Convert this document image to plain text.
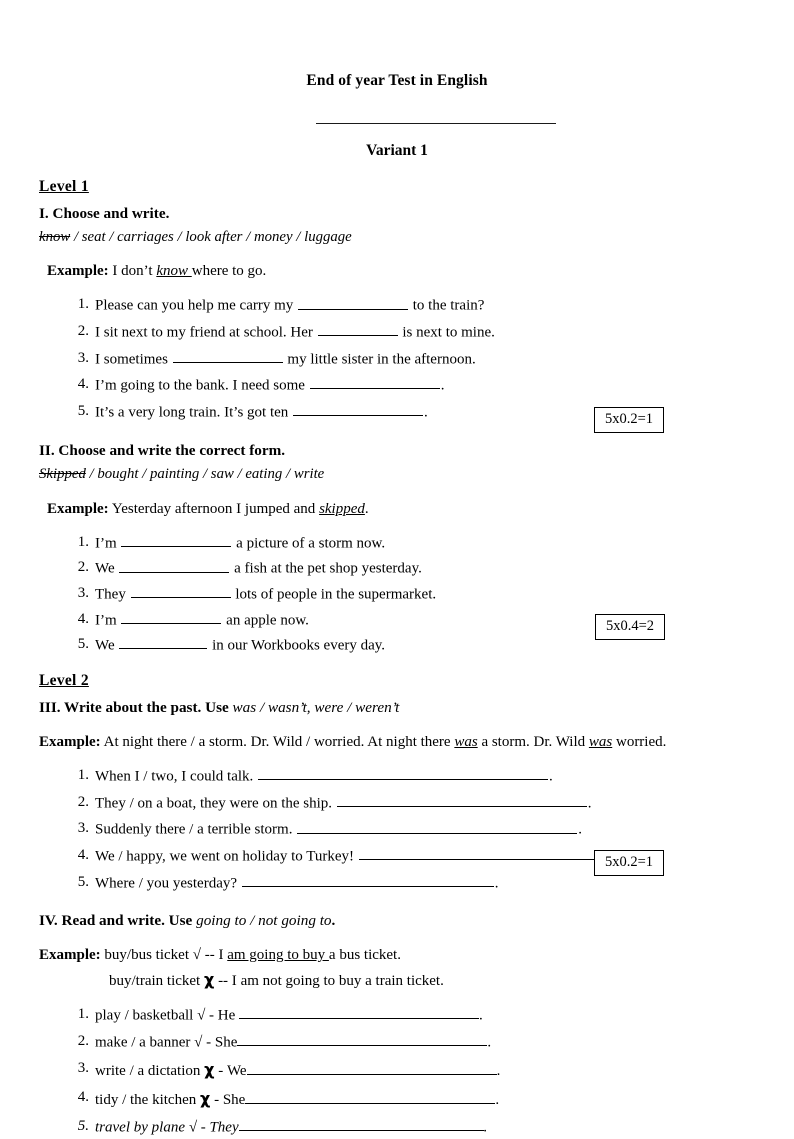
End of year Test in English
Variant 1
Level 1
I. Choose and write.
know / seat / carriages / look after / money / luggage
Example: I don’t know where to go.
Please can you help me carry my	to the train?
I sit next to my friend at school. Her	is next to mine.
I sometimes	my little sister in the afternoon.
I’m going to the bank. I need some	.
It’s a very long train. It’s got ten	.
II. Choose and write the correct form.
Skipped / bought / painting / saw / eating / write
Example: Yesterday afternoon I jumped and skipped.
I’m	a picture of a storm now.
We	a fish at the pet shop yesterday.
They	lots of people in the supermarket.
I’m	an apple now.
We	in our Workbooks every day.
Level 2
III. Write about the past. Use was / wasn’t, were / weren’t
Example: At night there / a storm. Dr. Wild / worried. At night there was a storm. Dr. Wild was worried.
When I / two, I could talk.	.
They / on a boat, they were on the ship.	.
Suddenly there / a terrible storm.	.
We / happy, we went on holiday to Turkey!
Where / you yesterday?	.
IV. Read and write. Use going to / not going to.
Example: buy/bus ticket √ -- I am going to buy a bus ticket.
buy/train ticket χ -- I am not going to buy a train ticket.
play / basketball √ - He	.
make / a banner √ - She	.
write / a dictation χ - We	.
tidy / the kitchen χ - She	.
travel by plane √ - They	.
5x0.2=1
5x0.4=2
5x0.2=1
